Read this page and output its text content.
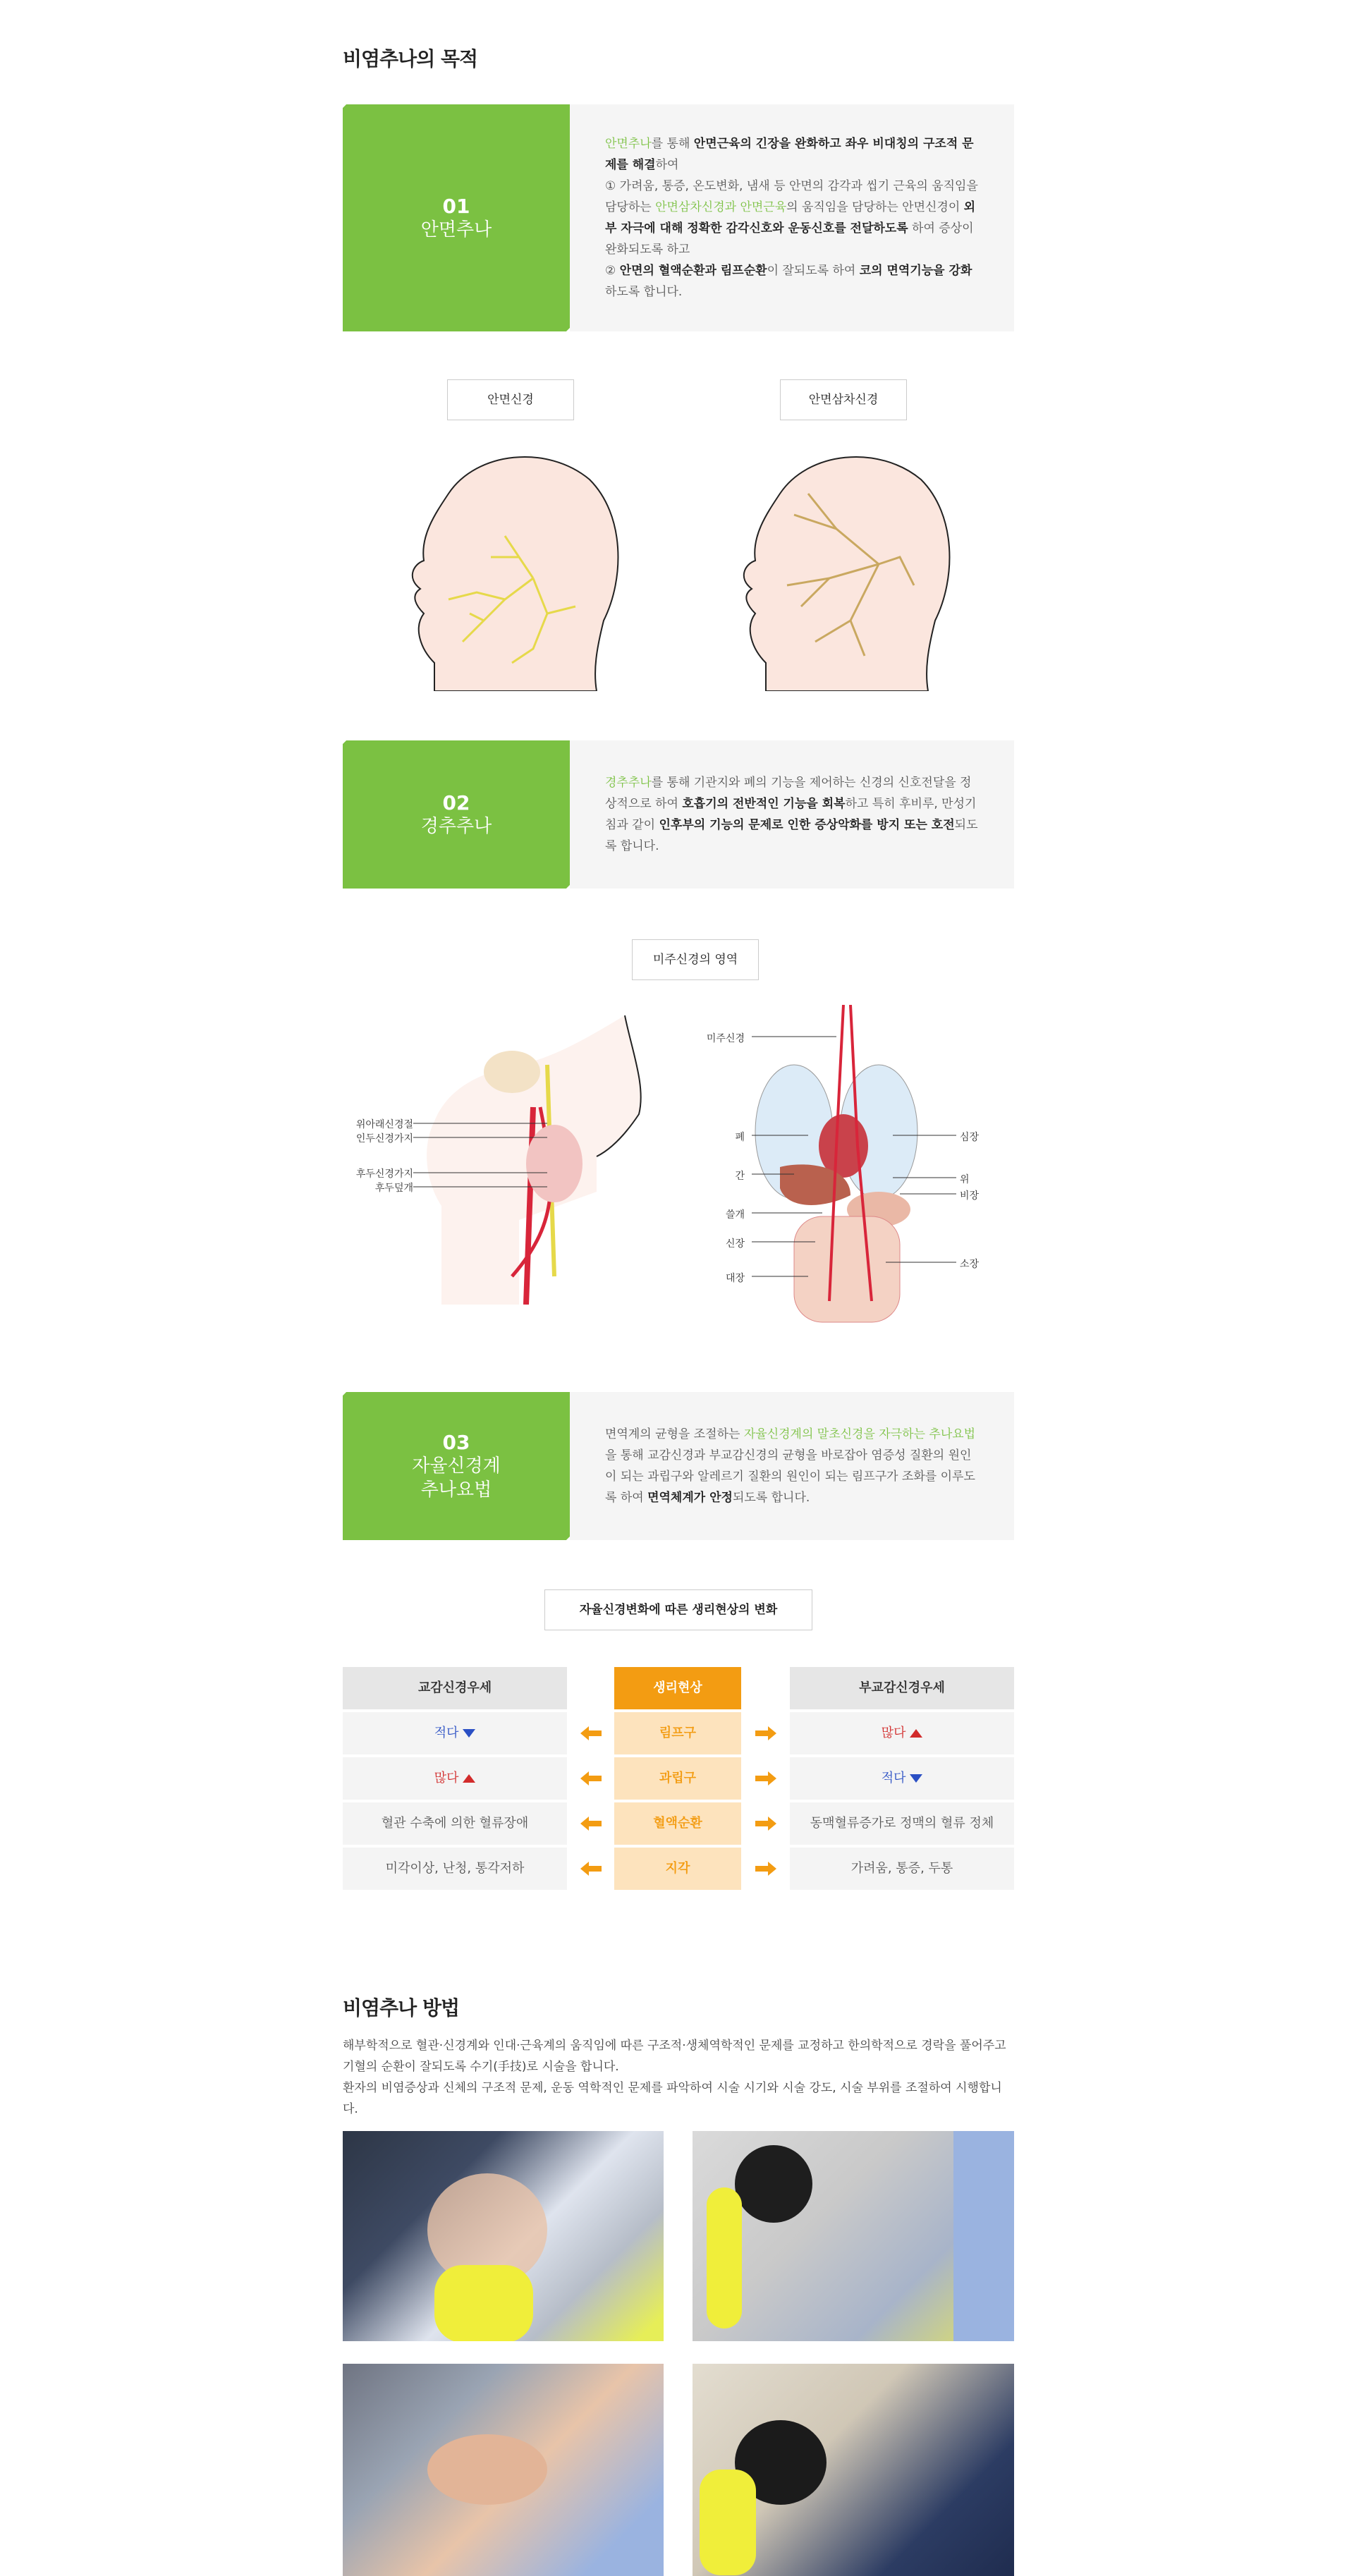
비염추나의 목적
01
안면추나
안면추나를 통해 안면근육의 긴장을 완화하고 좌우 비대칭의 구조적 문제를 해결하여
① 가려움, 통증, 온도변화, 냄새 등 안면의 감각과 씹기 근육의 움직임을 담당하는 안면삼차신경과 안면근육의 움직임을 담당하는 안면신경이 외부 자극에 대해 정확한 감각신호와 운동신호를 전달하도록 하여 증상이 완화되도록 하고
② 안면의 혈액순환과 림프순환이 잘되도록 하여 코의 면역기능을 강화하도록 합니다.
안면신경	안면삼차신경
02
경추추나
경추추나를 통해 기관지와 폐의 기능을 제어하는 신경의 신호전달을 정상적으로 하여 호흡기의 전반적인 기능을 회복하고 특히 후비루, 만성기침과 같이 인후부의 기능의 문제로 인한 증상악화를 방지 또는 호전되도록 합니다.
미주신경의 영역
위아래신경절
인두신경가지
후두신경가지
후두덮개
미주신경
폐
간
쓸개
신장
대장
심장
위
비장
소장
03
자율신경계
추나요법
면역계의 균형을 조절하는 자율신경계의 말초신경을 자극하는 추나요법을 통해 교감신경과 부교감신경의 균형을 바로잡아 염증성 질환의 원인이 되는 과립구와 알레르기 질환의 원인이 되는 림프구가 조화를 이루도록 하여 면역체계가 안정되도록 합니다.
자율신경변화에 따른 생리현상의 변화
교감신경우세	생리현상	부교감신경우세
적다	림프구	많다
많다	과립구	적다
혈관 수축에 의한 혈류장애	혈액순환	동맥혈류증가로 정맥의 혈류 정체
미각이상, 난청, 통각저하	지각	가려움, 통증, 두통
비염추나 방법
해부학적으로 혈관·신경계와 인대·근육계의 움직임에 따른 구조적·생체역학적인 문제를 교정하고 한의학적으로 경락을 풀어주고
기혈의 순환이 잘되도록 수기(手技)로 시술을 합니다.
환자의 비염증상과 신체의 구조적 문제, 운동 역학적인 문제를 파악하여 시술 시기와 시술 강도, 시술 부위를 조절하여 시행합니다.
